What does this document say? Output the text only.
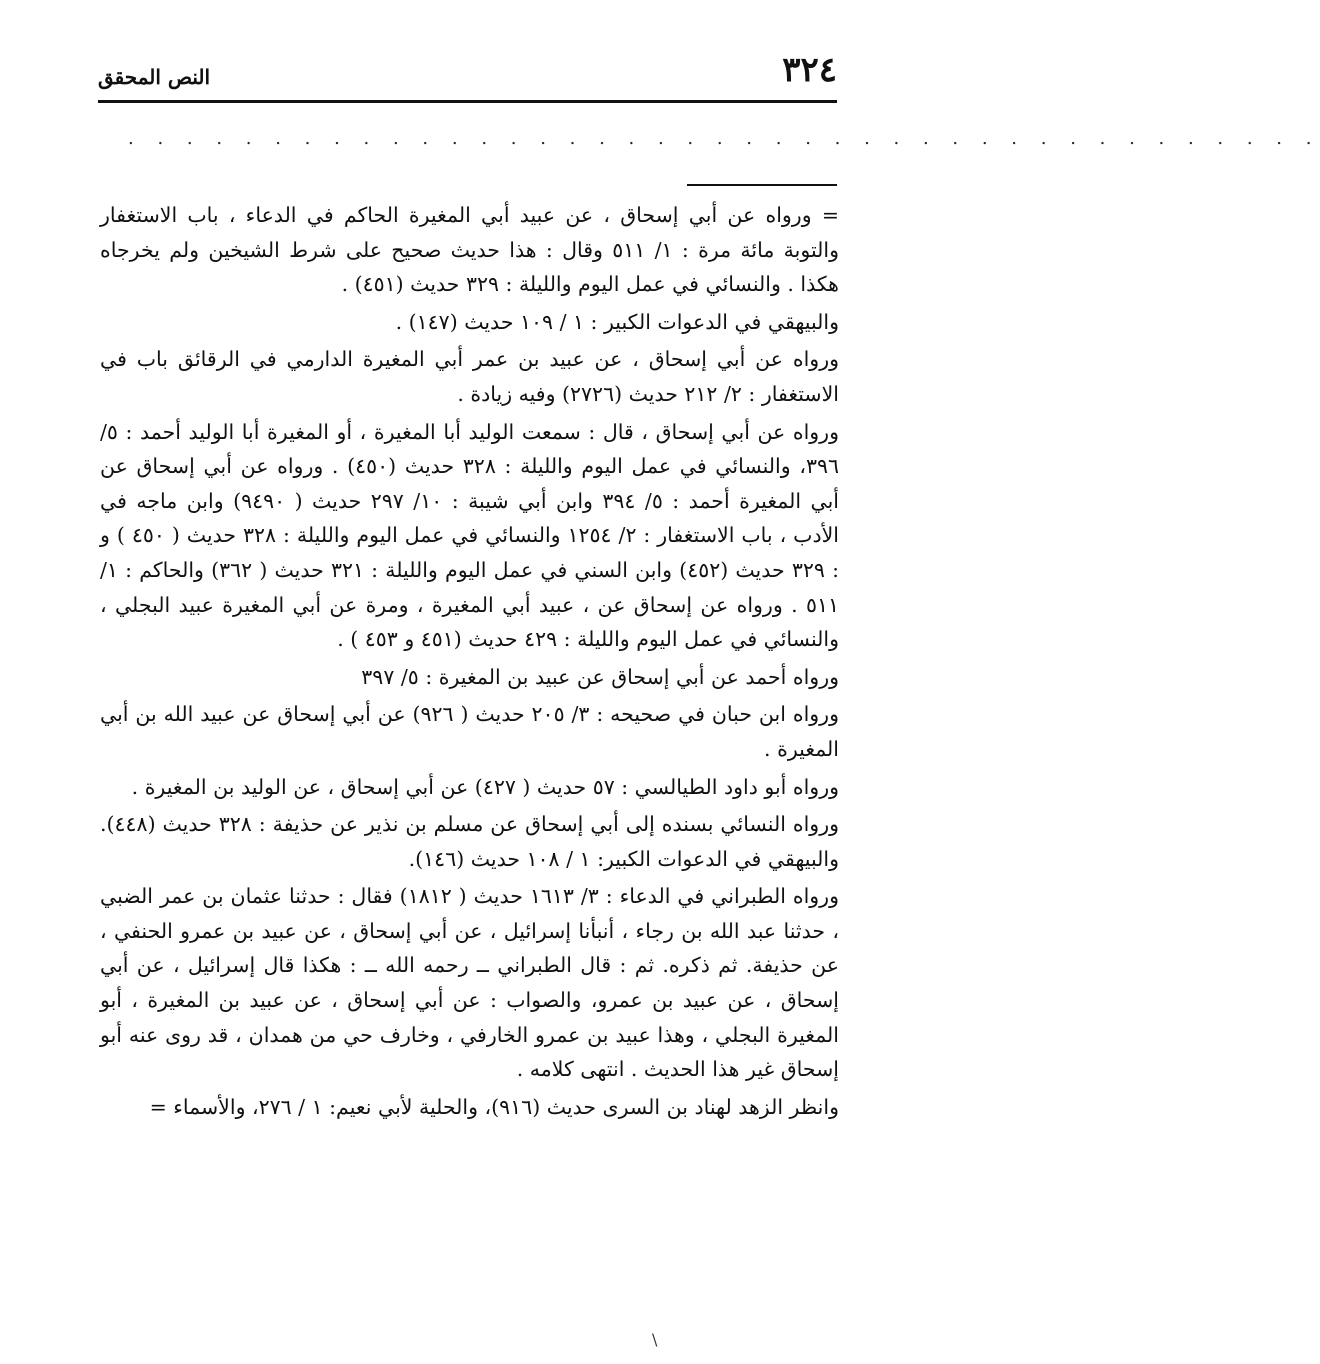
٣٢٤
النص المحقق
. . . . . . . . . . . . . . . . . . . . . . . . . . . . . . . . . . . . . . . . .

= ورواه عن أبي إسحاق ، عن عبيد أبي المغيرة الحاكم في الدعاء ، باب الاستغفار والتوبة مائة مرة : ١/ ٥١١ وقال : هذا حديث صحيح على شرط الشيخين ولم يخرجاه هكذا . والنسائي في عمل اليوم والليلة : ٣٢٩ حديث (٤٥١) .

والبيهقي في الدعوات الكبير : ١ / ١٠٩ حديث (١٤٧) .

ورواه عن أبي إسحاق ، عن عبيد بن عمر أبي المغيرة الدارمي في الرقائق باب في الاستغفار : ٢/ ٢١٢ حديث (٢٧٢٦) وفيه زيادة .

ورواه عن أبي إسحاق ، قال : سمعت الوليد أبا المغيرة ، أو المغيرة أبا الوليد أحمد : ٥/ ٣٩٦، والنسائي في عمل اليوم والليلة : ٣٢٨ حديث (٤٥٠) . ورواه عن أبي إسحاق عن أبي المغيرة أحمد : ٥/ ٣٩٤ وابن أبي شيبة : ١٠/ ٢٩٧ حديث ( ٩٤٩٠) وابن ماجه في الأدب ، باب الاستغفار : ٢/ ١٢٥٤ والنسائي في عمل اليوم والليلة : ٣٢٨ حديث ( ٤٥٠ ) و : ٣٢٩ حديث (٤٥٢) وابن السني في عمل اليوم والليلة : ٣٢١ حديث ( ٣٦٢) والحاكم : ١/ ٥١١ . ورواه عن إسحاق عن ، عبيد أبي المغيرة ، ومرة عن أبي المغيرة عبيد البجلي ، والنسائي في عمل اليوم والليلة : ٤٢٩ حديث (٤٥١ و ٤٥٣ ) .

ورواه أحمد عن أبي إسحاق عن عبيد بن المغيرة : ٥/ ٣٩٧

ورواه ابن حبان في صحيحه : ٣/ ٢٠٥ حديث ( ٩٢٦) عن أبي إسحاق عن عبيد الله بن أبي المغيرة .

ورواه أبو داود الطيالسي : ٥٧ حديث ( ٤٢٧) عن أبي إسحاق ، عن الوليد بن المغيرة .

ورواه النسائي بسنده إلى أبي إسحاق عن مسلم بن نذير عن حذيفة : ٣٢٨ حديث (٤٤٨). والبيهقي في الدعوات الكبير: ١ / ١٠٨ حديث (١٤٦).

ورواه الطبراني في الدعاء : ٣/ ١٦١٣ حديث ( ١٨١٢) فقال : حدثنا عثمان بن عمر الضبي ، حدثنا عبد الله بن رجاء ، أنبأنا إسرائيل ، عن أبي إسحاق ، عن عبيد بن عمرو الحنفي ، عن حذيفة. ثم ذكره. ثم : قال الطبراني ــ رحمه الله ــ : هكذا قال إسرائيل ، عن أبي إسحاق ، عن عبيد بن عمرو، والصواب : عن أبي إسحاق ، عن عبيد بن المغيرة ، أبو المغيرة البجلي ، وهذا عبيد بن عمرو الخارفي ، وخارف حي من همدان ، قد روى عنه أبو إسحاق غير هذا الحديث . انتهى كلامه .

وانظر الزهد لهناد بن السرى حديث (٩١٦)، والحلية لأبي نعيم: ١ / ٢٧٦، والأسماء =

\
